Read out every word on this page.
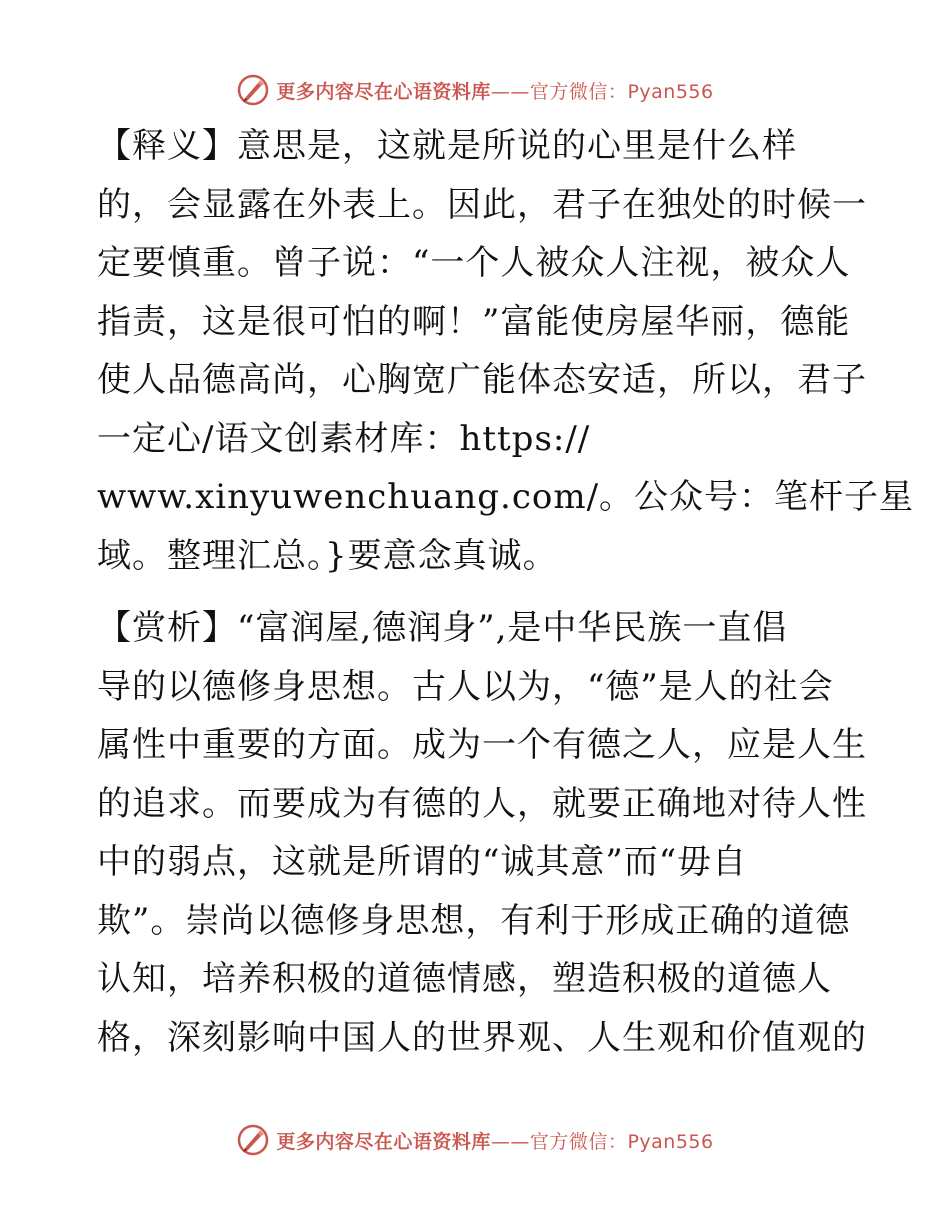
更多内容尽在心语资料库——官方微信：Pyan556

【释义】意思是，这就是所说的心里是什么样
的，会显露在外表上。因此，君子在独处的时候一
定要慎重。曾子说：“一个人被众人注视，被众人
指责，这是很可怕的啊！”富能使房屋华丽，德能
使人品德高尚，心胸宽广能体态安适，所以，君子
一定心/语文创素材库：https://
www.xinyuwenchuang.com/。公众号：笔杆子星
域。整理汇总。}要意念真诚。

【赏析】“富润屋,德润身”,是中华民族一直倡
导的以德修身思想。古人以为，“德”是人的社会
属性中重要的方面。成为一个有德之人，应是人生
的追求。而要成为有德的人，就要正确地对待人性
中的弱点，这就是所谓的“诚其意”而“毋自
欺”。崇尚以德修身思想，有利于形成正确的道德
认知，培养积极的道德情感，塑造积极的道德人
格，深刻影响中国人的世界观、人生观和价值观的

更多内容尽在心语资料库——官方微信：Pyan556
